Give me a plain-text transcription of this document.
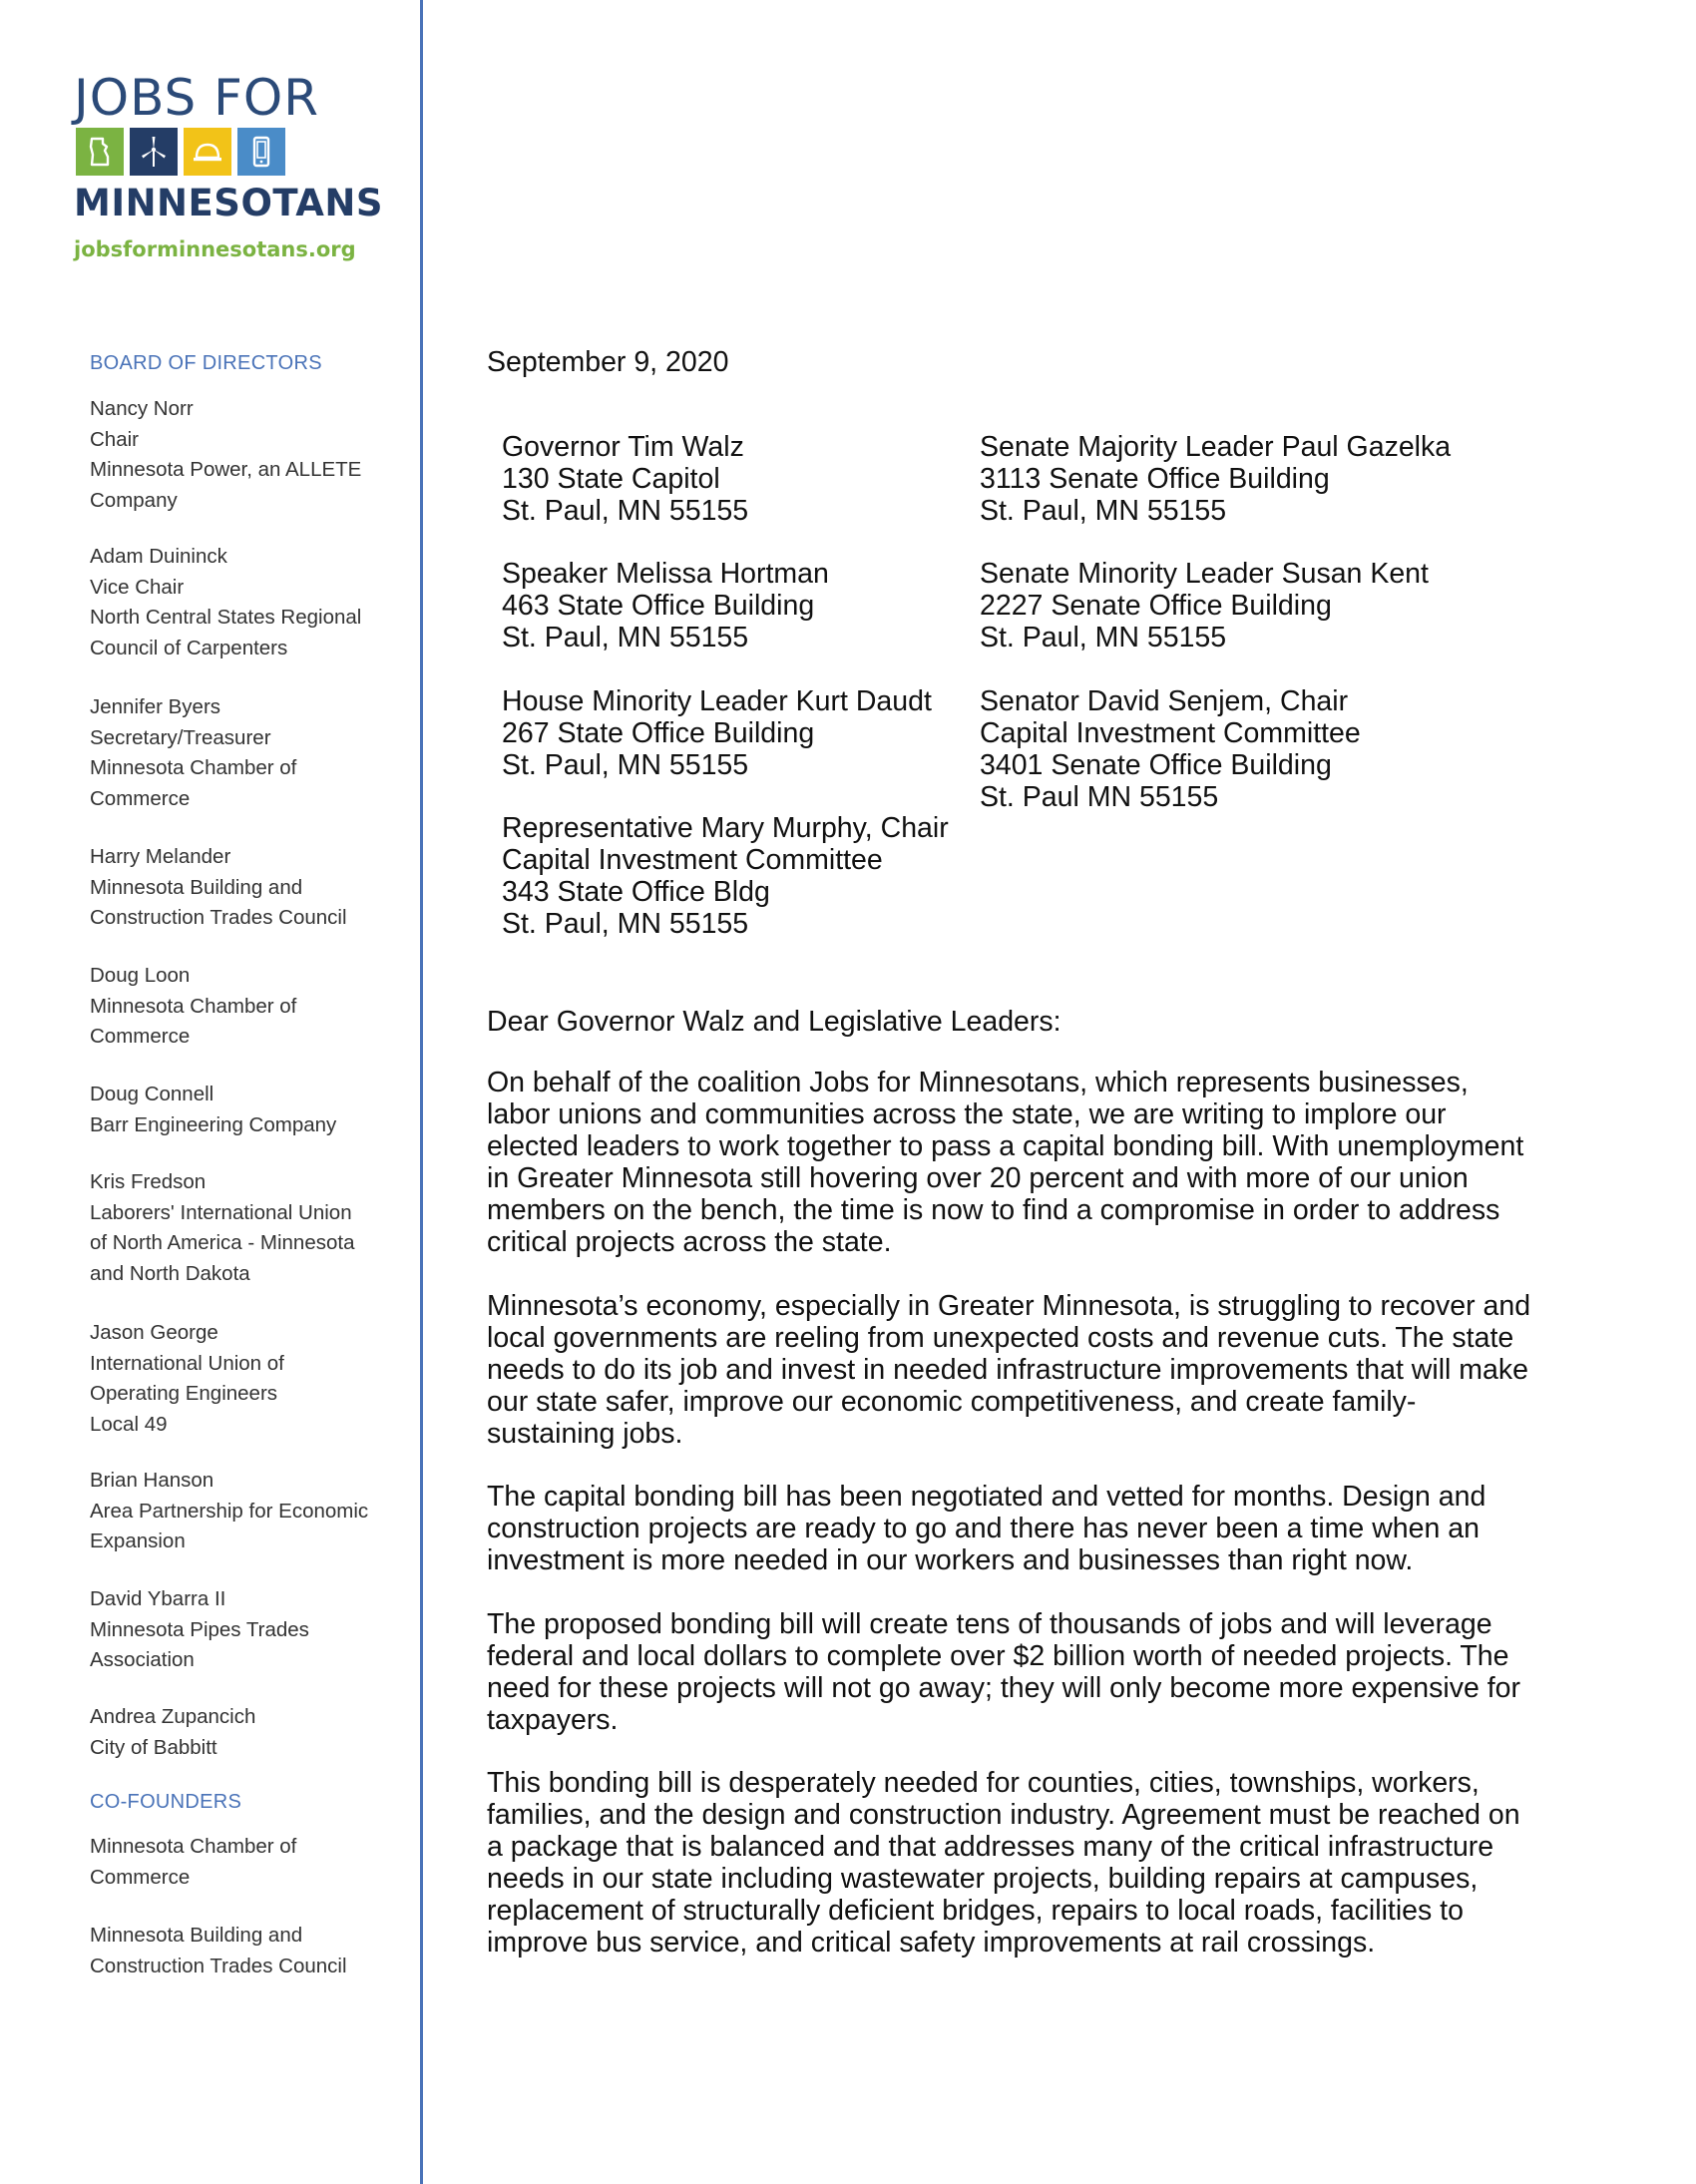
JOBS FOR
MINNESOTANS
jobsforminnesotans.org
BOARD OF DIRECTORS
Nancy Norr
Chair
Minnesota Power, an ALLETE
Company
Adam Duininck
Vice Chair
North Central States Regional
Council of Carpenters
Jennifer Byers
Secretary/Treasurer
Minnesota Chamber of
Commerce
Harry Melander
Minnesota Building and
Construction Trades Council
Doug Loon
Minnesota Chamber of
Commerce
Doug Connell
Barr Engineering Company
Kris Fredson
Laborers' International Union
of North America - Minnesota
and North Dakota
Jason George
International Union of
Operating Engineers
Local 49
Brian Hanson
Area Partnership for Economic
Expansion
David Ybarra II
Minnesota Pipes Trades
Association
Andrea Zupancich
City of Babbitt
CO-FOUNDERS
Minnesota Chamber of
Commerce
Minnesota Building and
Construction Trades Council
September 9, 2020
Governor Tim Walz
130 State Capitol
St. Paul, MN 55155
Speaker Melissa Hortman
463 State Office Building
St. Paul, MN 55155
House Minority Leader Kurt Daudt
267 State Office Building
St. Paul, MN 55155
Representative Mary Murphy, Chair
Capital Investment Committee
343 State Office Bldg
St. Paul, MN 55155
Senate Majority Leader Paul Gazelka
3113 Senate Office Building
St. Paul, MN 55155
Senate Minority Leader Susan Kent
2227 Senate Office Building
St. Paul, MN 55155
Senator David Senjem, Chair
Capital Investment Committee
3401 Senate Office Building
St. Paul MN 55155
Dear Governor Walz and Legislative Leaders:
On behalf of the coalition Jobs for Minnesotans, which represents businesses,
labor unions and communities across the state, we are writing to implore our
elected leaders to work together to pass a capital bonding bill. With unemployment
in Greater Minnesota still hovering over 20 percent and with more of our union
members on the bench, the time is now to find a compromise in order to address
critical projects across the state.
Minnesota’s economy, especially in Greater Minnesota, is struggling to recover and
local governments are reeling from unexpected costs and revenue cuts. The state
needs to do its job and invest in needed infrastructure improvements that will make
our state safer, improve our economic competitiveness, and create family-
sustaining jobs.
The capital bonding bill has been negotiated and vetted for months. Design and
construction projects are ready to go and there has never been a time when an
investment is more needed in our workers and businesses than right now.
The proposed bonding bill will create tens of thousands of jobs and will leverage
federal and local dollars to complete over $2 billion worth of needed projects. The
need for these projects will not go away; they will only become more expensive for
taxpayers.
This bonding bill is desperately needed for counties, cities, townships, workers,
families, and the design and construction industry. Agreement must be reached on
a package that is balanced and that addresses many of the critical infrastructure
needs in our state including wastewater projects, building repairs at campuses,
replacement of structurally deficient bridges, repairs to local roads, facilities to
improve bus service, and critical safety improvements at rail crossings.
